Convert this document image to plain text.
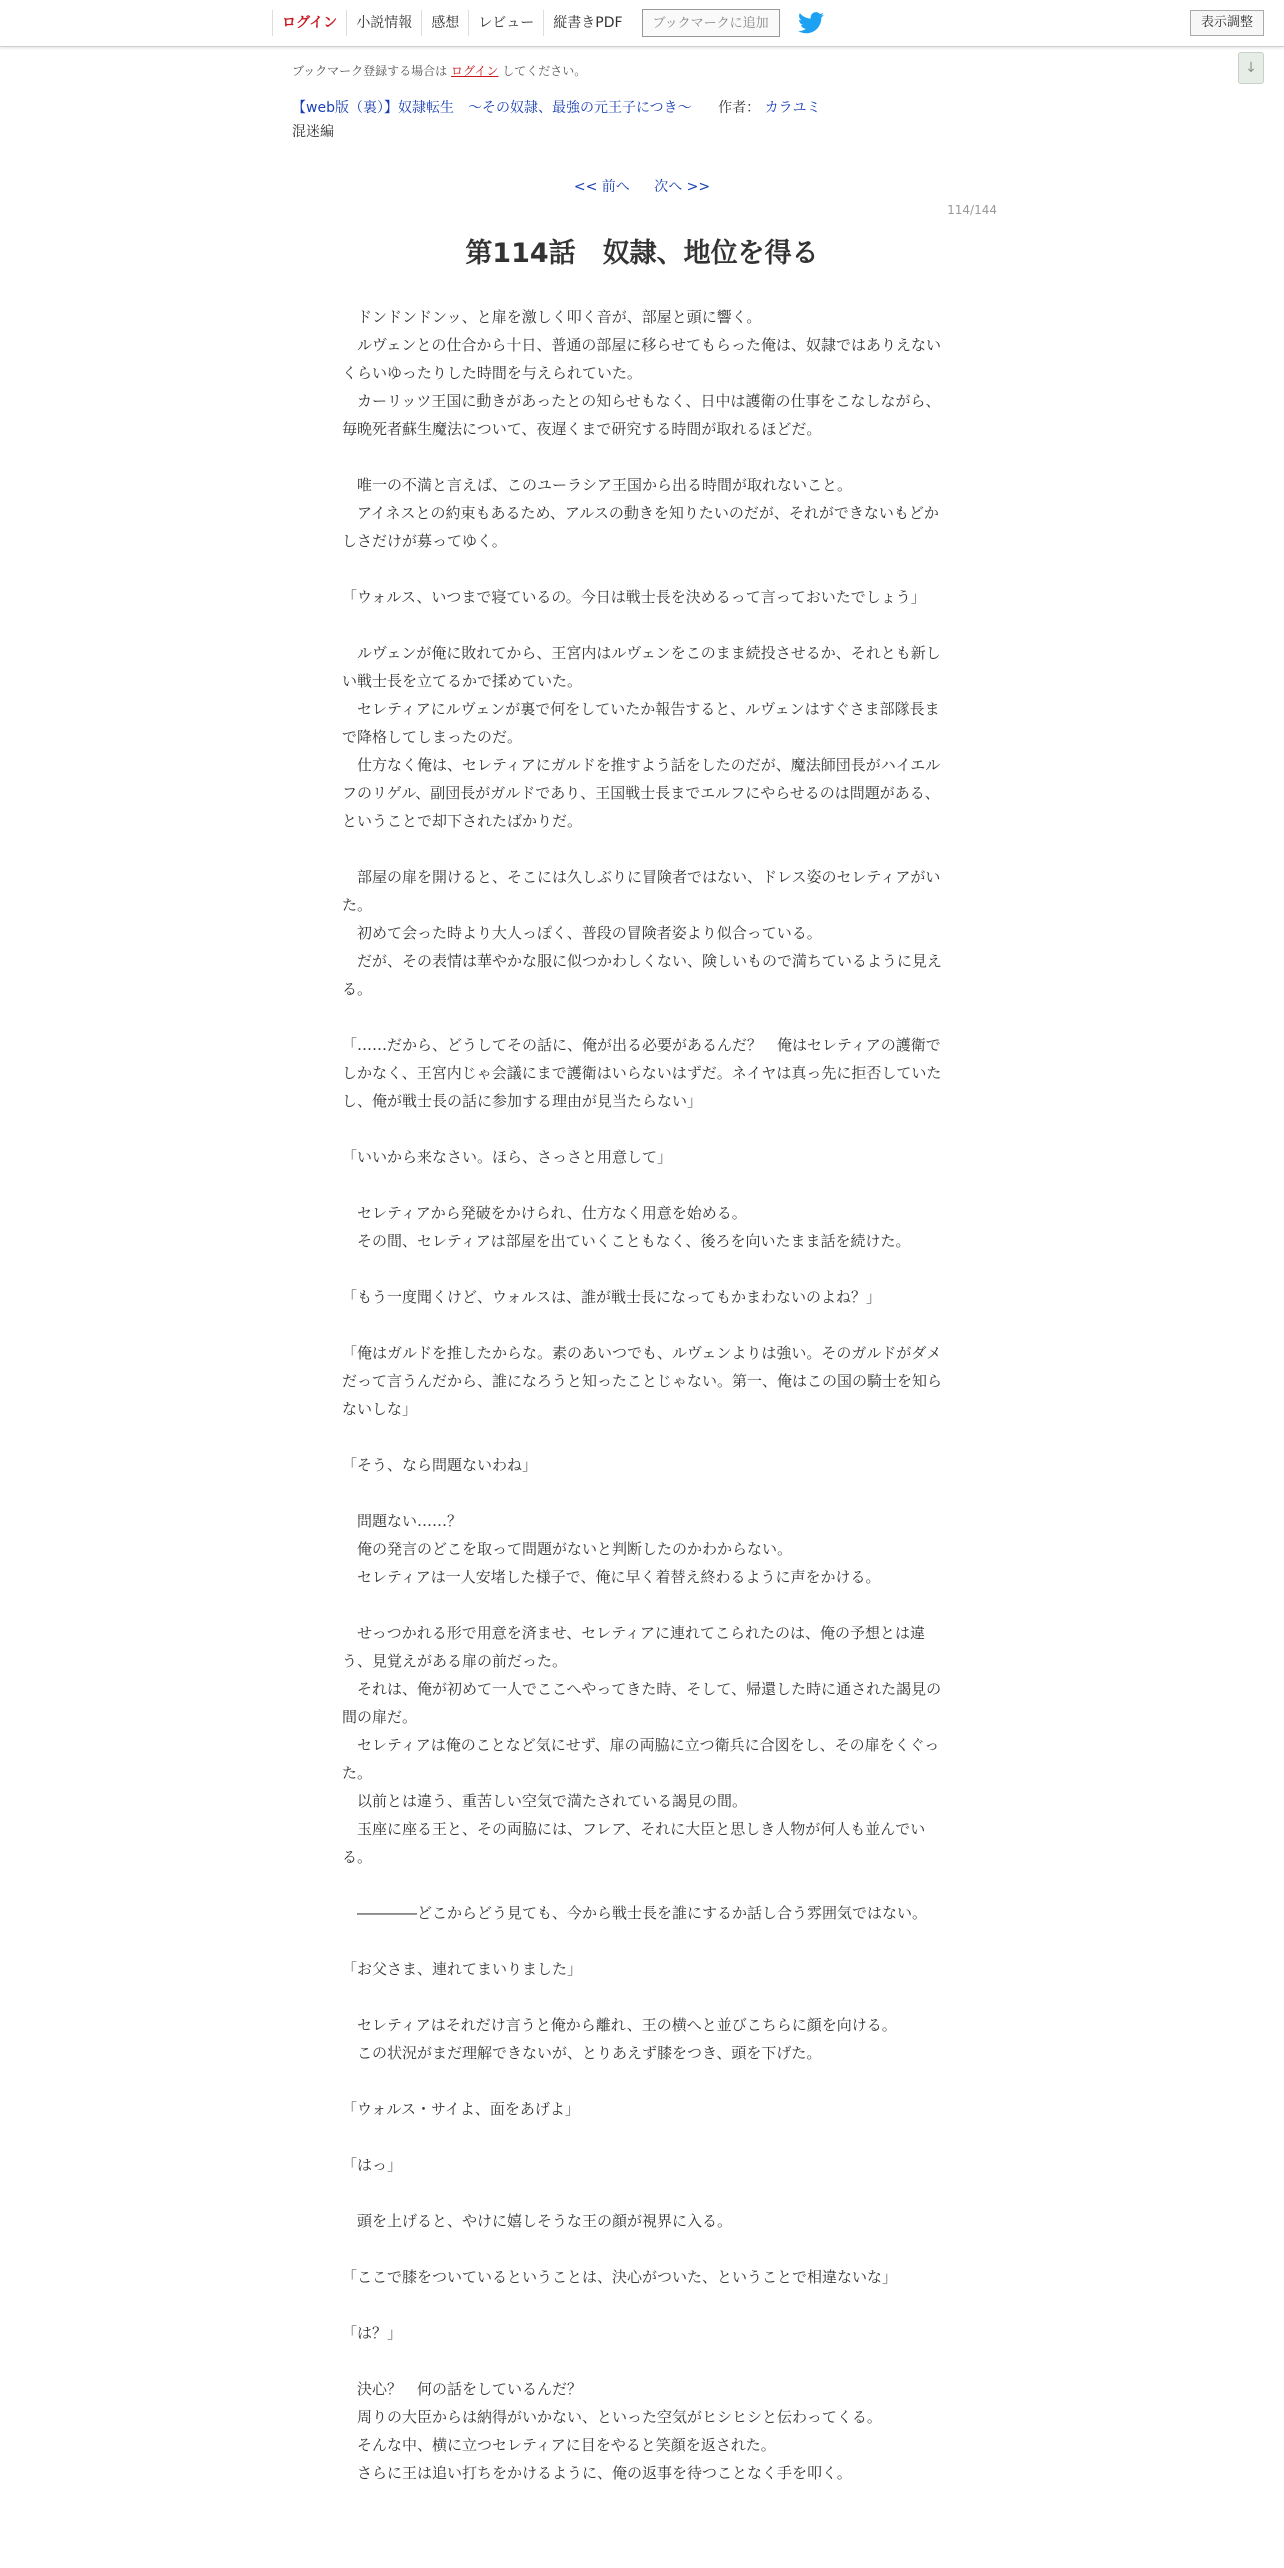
ログイン	小説情報	感想	レビュー	縦書きPDF	ブックマークに追加	表示調整
↓
ブックマーク登録する場合は ログイン してください。
【web版（裏）】奴隷転生　～その奴隷、最強の元王子につき～ 作者： カラユミ
混迷編
<< 前へ 次へ >>
114/144
第114話　奴隷、地位を得る

　ドンドンドンッ、と扉を激しく叩く音が、部屋と頭に響く。

　ルヴェンとの仕合から十日、普通の部屋に移らせてもらった俺は、奴隷ではありえないくらいゆったりした時間を与えられていた。

　カーリッツ王国に動きがあったとの知らせもなく、日中は護衛の仕事をこなしながら、毎晩死者蘇生魔法について、夜遅くまで研究する時間が取れるほどだ。

　唯一の不満と言えば、このユーラシア王国から出る時間が取れないこと。

　アイネスとの約束もあるため、アルスの動きを知りたいのだが、それができないもどかしさだけが募ってゆく。

「ウォルス、いつまで寝ているの。今日は戦士長を決めるって言っておいたでしょう」

　ルヴェンが俺に敗れてから、王宮内はルヴェンをこのまま続投させるか、それとも新しい戦士長を立てるかで揉めていた。

　セレティアにルヴェンが裏で何をしていたか報告すると、ルヴェンはすぐさま部隊長まで降格してしまったのだ。

　仕方なく俺は、セレティアにガルドを推すよう話をしたのだが、魔法師団長がハイエルフのリゲル、副団長がガルドであり、王国戦士長までエルフにやらせるのは問題がある、ということで却下されたばかりだ。

　部屋の扉を開けると、そこには久しぶりに冒険者ではない、ドレス姿のセレティアがいた。

　初めて会った時より大人っぽく、普段の冒険者姿より似合っている。

　だが、その表情は華やかな服に似つかわしくない、険しいもので満ちているように見える。

「……だから、どうしてその話に、俺が出る必要があるんだ？　俺はセレティアの護衛でしかなく、王宮内じゃ会議にまで護衛はいらないはずだ。ネイヤは真っ先に拒否していたし、俺が戦士長の話に参加する理由が見当たらない」

「いいから来なさい。ほら、さっさと用意して」

　セレティアから発破をかけられ、仕方なく用意を始める。

　その間、セレティアは部屋を出ていくこともなく、後ろを向いたまま話を続けた。

「もう一度聞くけど、ウォルスは、誰が戦士長になってもかまわないのよね？」

「俺はガルドを推したからな。素のあいつでも、ルヴェンよりは強い。そのガルドがダメだって言うんだから、誰になろうと知ったことじゃない。第一、俺はこの国の騎士を知らないしな」

「そう、なら問題ないわね」

　問題ない……？

　俺の発言のどこを取って問題がないと判断したのかわからない。

　セレティアは一人安堵した様子で、俺に早く着替え終わるように声をかける。

　せっつかれる形で用意を済ませ、セレティアに連れてこられたのは、俺の予想とは違う、見覚えがある扉の前だった。

　それは、俺が初めて一人でここへやってきた時、そして、帰還した時に通された謁見の間の扉だ。

　セレティアは俺のことなど気にせず、扉の両脇に立つ衛兵に合図をし、その扉をくぐった。

　以前とは違う、重苦しい空気で満たされている謁見の間。

　玉座に座る王と、その両脇には、フレア、それに大臣と思しき人物が何人も並んでいる。

　――――どこからどう見ても、今から戦士長を誰にするか話し合う雰囲気ではない。

「お父さま、連れてまいりました」

　セレティアはそれだけ言うと俺から離れ、王の横へと並びこちらに顔を向ける。

　この状況がまだ理解できないが、とりあえず膝をつき、頭を下げた。

「ウォルス・サイよ、面をあげよ」

「はっ」

　頭を上げると、やけに嬉しそうな王の顔が視界に入る。

「ここで膝をついているということは、決心がついた、ということで相違ないな」

「は？」

　決心？　何の話をしているんだ？

　周りの大臣からは納得がいかない、といった空気がヒシヒシと伝わってくる。

　そんな中、横に立つセレティアに目をやると笑顔を返された。

　さらに王は追い打ちをかけるように、俺の返事を待つことなく手を叩く。
